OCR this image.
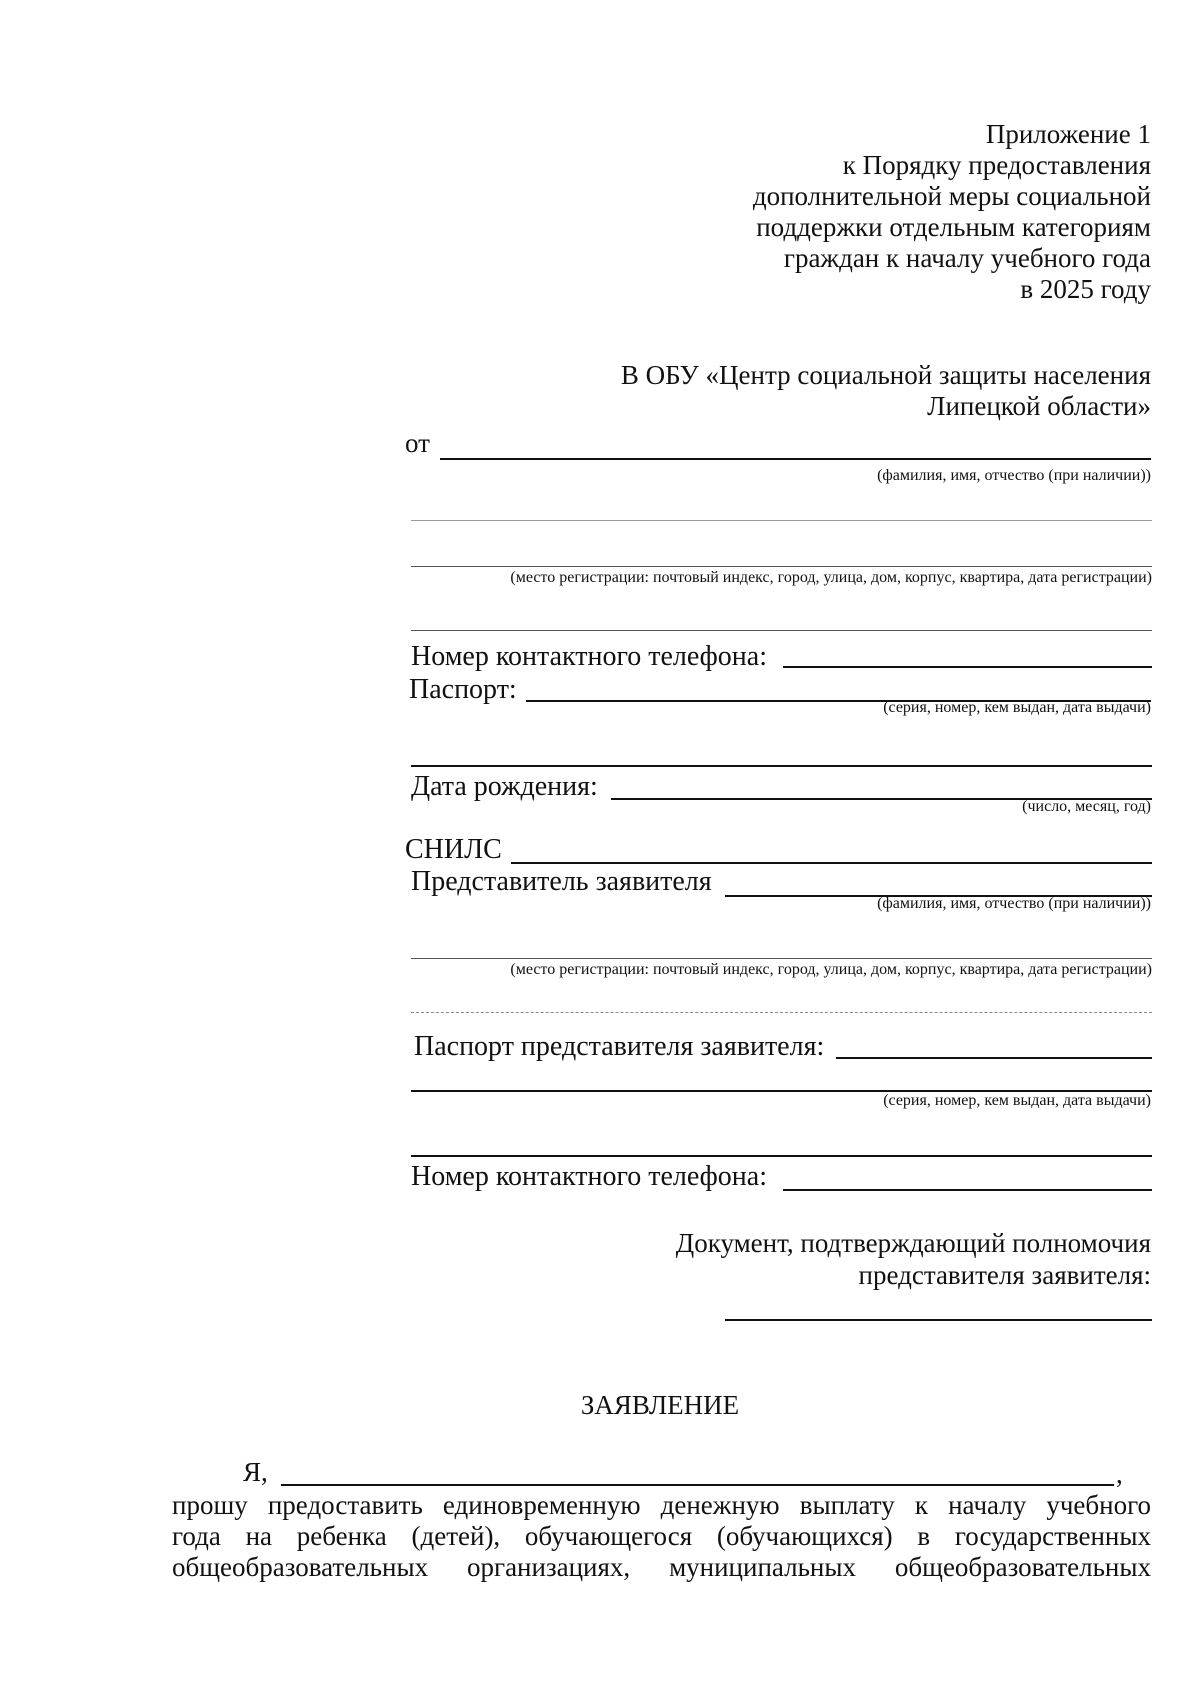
Приложение 1
к Порядку предоставления
дополнительной меры социальной
поддержки отдельным категориям
граждан к началу учебного года
в 2025 году
В ОБУ «Центр социальной защиты населения
Липецкой области»
от
(фамилия, имя, отчество (при наличии))
(место регистрации: почтовый индекс, город, улица, дом, корпус, квартира, дата регистрации)
Номер контактного телефона:
Паспорт:
(серия, номер, кем выдан, дата выдачи)
Дата рождения:
(число, месяц, год)
СНИЛС
Представитель заявителя
(фамилия, имя, отчество (при наличии))
(место регистрации: почтовый индекс, город, улица, дом, корпус, квартира, дата регистрации)
Паспорт представителя заявителя:
(серия, номер, кем выдан, дата выдачи)
Номер контактного телефона:
Документ, подтверждающий полномочия
представителя заявителя:
ЗАЯВЛЕНИЕ
Я,	,
прошу предоставить единовременную денежную выплату к началу учебного
года на ребенка (детей), обучающегося (обучающихся) в государственных
общеобразовательных организациях, муниципальных общеобразовательных
